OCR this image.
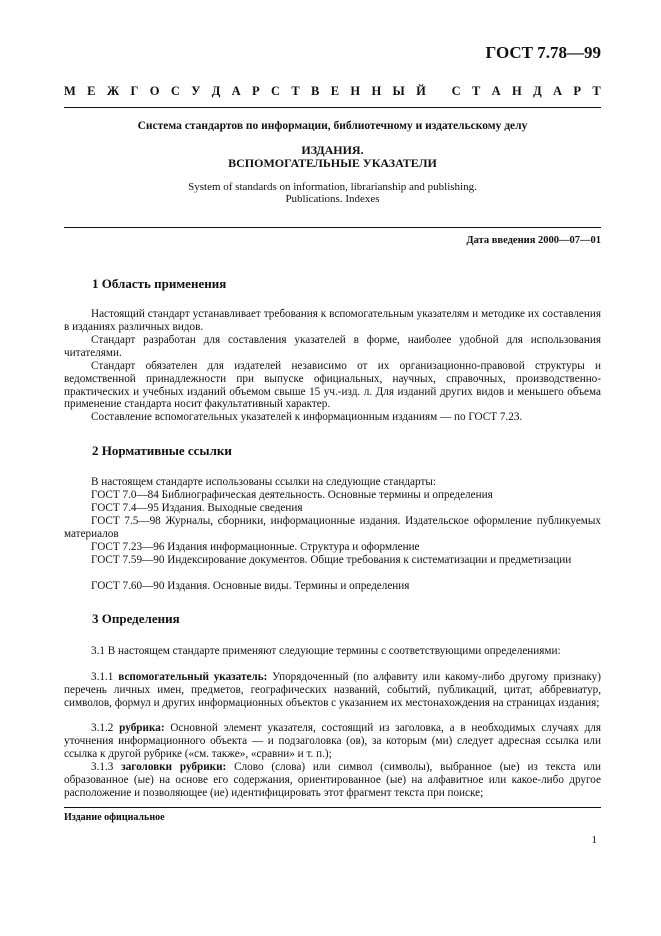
ГОСТ 7.78—99
М Е Ж Г О С У Д А Р С Т В Е Н Н Ы Й
С Т А Н Д А Р Т
Система стандартов по информации, библиотечному и издательскому делу
ИЗДАНИЯ.
ВСПОМОГАТЕЛЬНЫЕ УКАЗАТЕЛИ
System of standards on information, librarianship and publishing.
Publications. Indexes
Дата введения 2000—07—01
1 Область применения

Настоящий стандарт устанавливает требования к вспомогательным указателям и методике их составления в изданиях различных видов.

Стандарт разработан для составления указателей в форме, наиболее удобной для использования читателями.

Стандарт обязателен для издателей независимо от их организационно-правовой структуры и ведомственной принадлежности при выпуске официальных, научных, справочных, производственно-практических и учебных изданий объемом свыше 15 уч.-изд. л. Для изданий других видов и меньшего объема применение стандарта носит факультативный характер.

Составление вспомогательных указателей к информационным изданиям — по ГОСТ 7.23.

2 Нормативные ссылки
В настоящем стандарте использованы ссылки на следующие стандарты:
ГОСТ 7.0—84 Библиографическая деятельность. Основные термины и определения
ГОСТ 7.4—95 Издания. Выходные сведения

ГОСТ 7.5—98 Журналы, сборники, информационные издания. Издательское оформление публикуемых материалов

ГОСТ 7.23—96 Издания информационные. Структура и оформление

ГОСТ 7.59—90 Индексирование документов. Общие требования к систематизации и предметизации

ГОСТ 7.60—90 Издания. Основные виды. Термины и определения
3 Определения

3.1 В настоящем стандарте применяют следующие термины с соответствующими определениями:

3.1.1 вспомогательный указатель: Упорядоченный (по алфавиту или какому-либо другому признаку) перечень личных имен, предметов, географических названий, событий, публикаций, цитат, аббревиатур, символов, формул и других информационных объектов с указанием их местонахождения на страницах издания;

3.1.2 рубрика: Основной элемент указателя, состоящий из заголовка, а в необходимых случаях для уточнения информационного объекта — и подзаголовка (ов), за которым (ми) следует адресная ссылка или ссылка к другой рубрике («см. также», «сравни» и т. п.);

3.1.3 заголовки рубрики: Слово (слова) или символ (символы), выбранное (ые) из текста или образованное (ые) на основе его содержания, ориентированное (ые) на алфавитное или какое-либо другое расположение и позволяющее (ие) идентифицировать этот фрагмент текста при поиске;

Издание официальное
1
